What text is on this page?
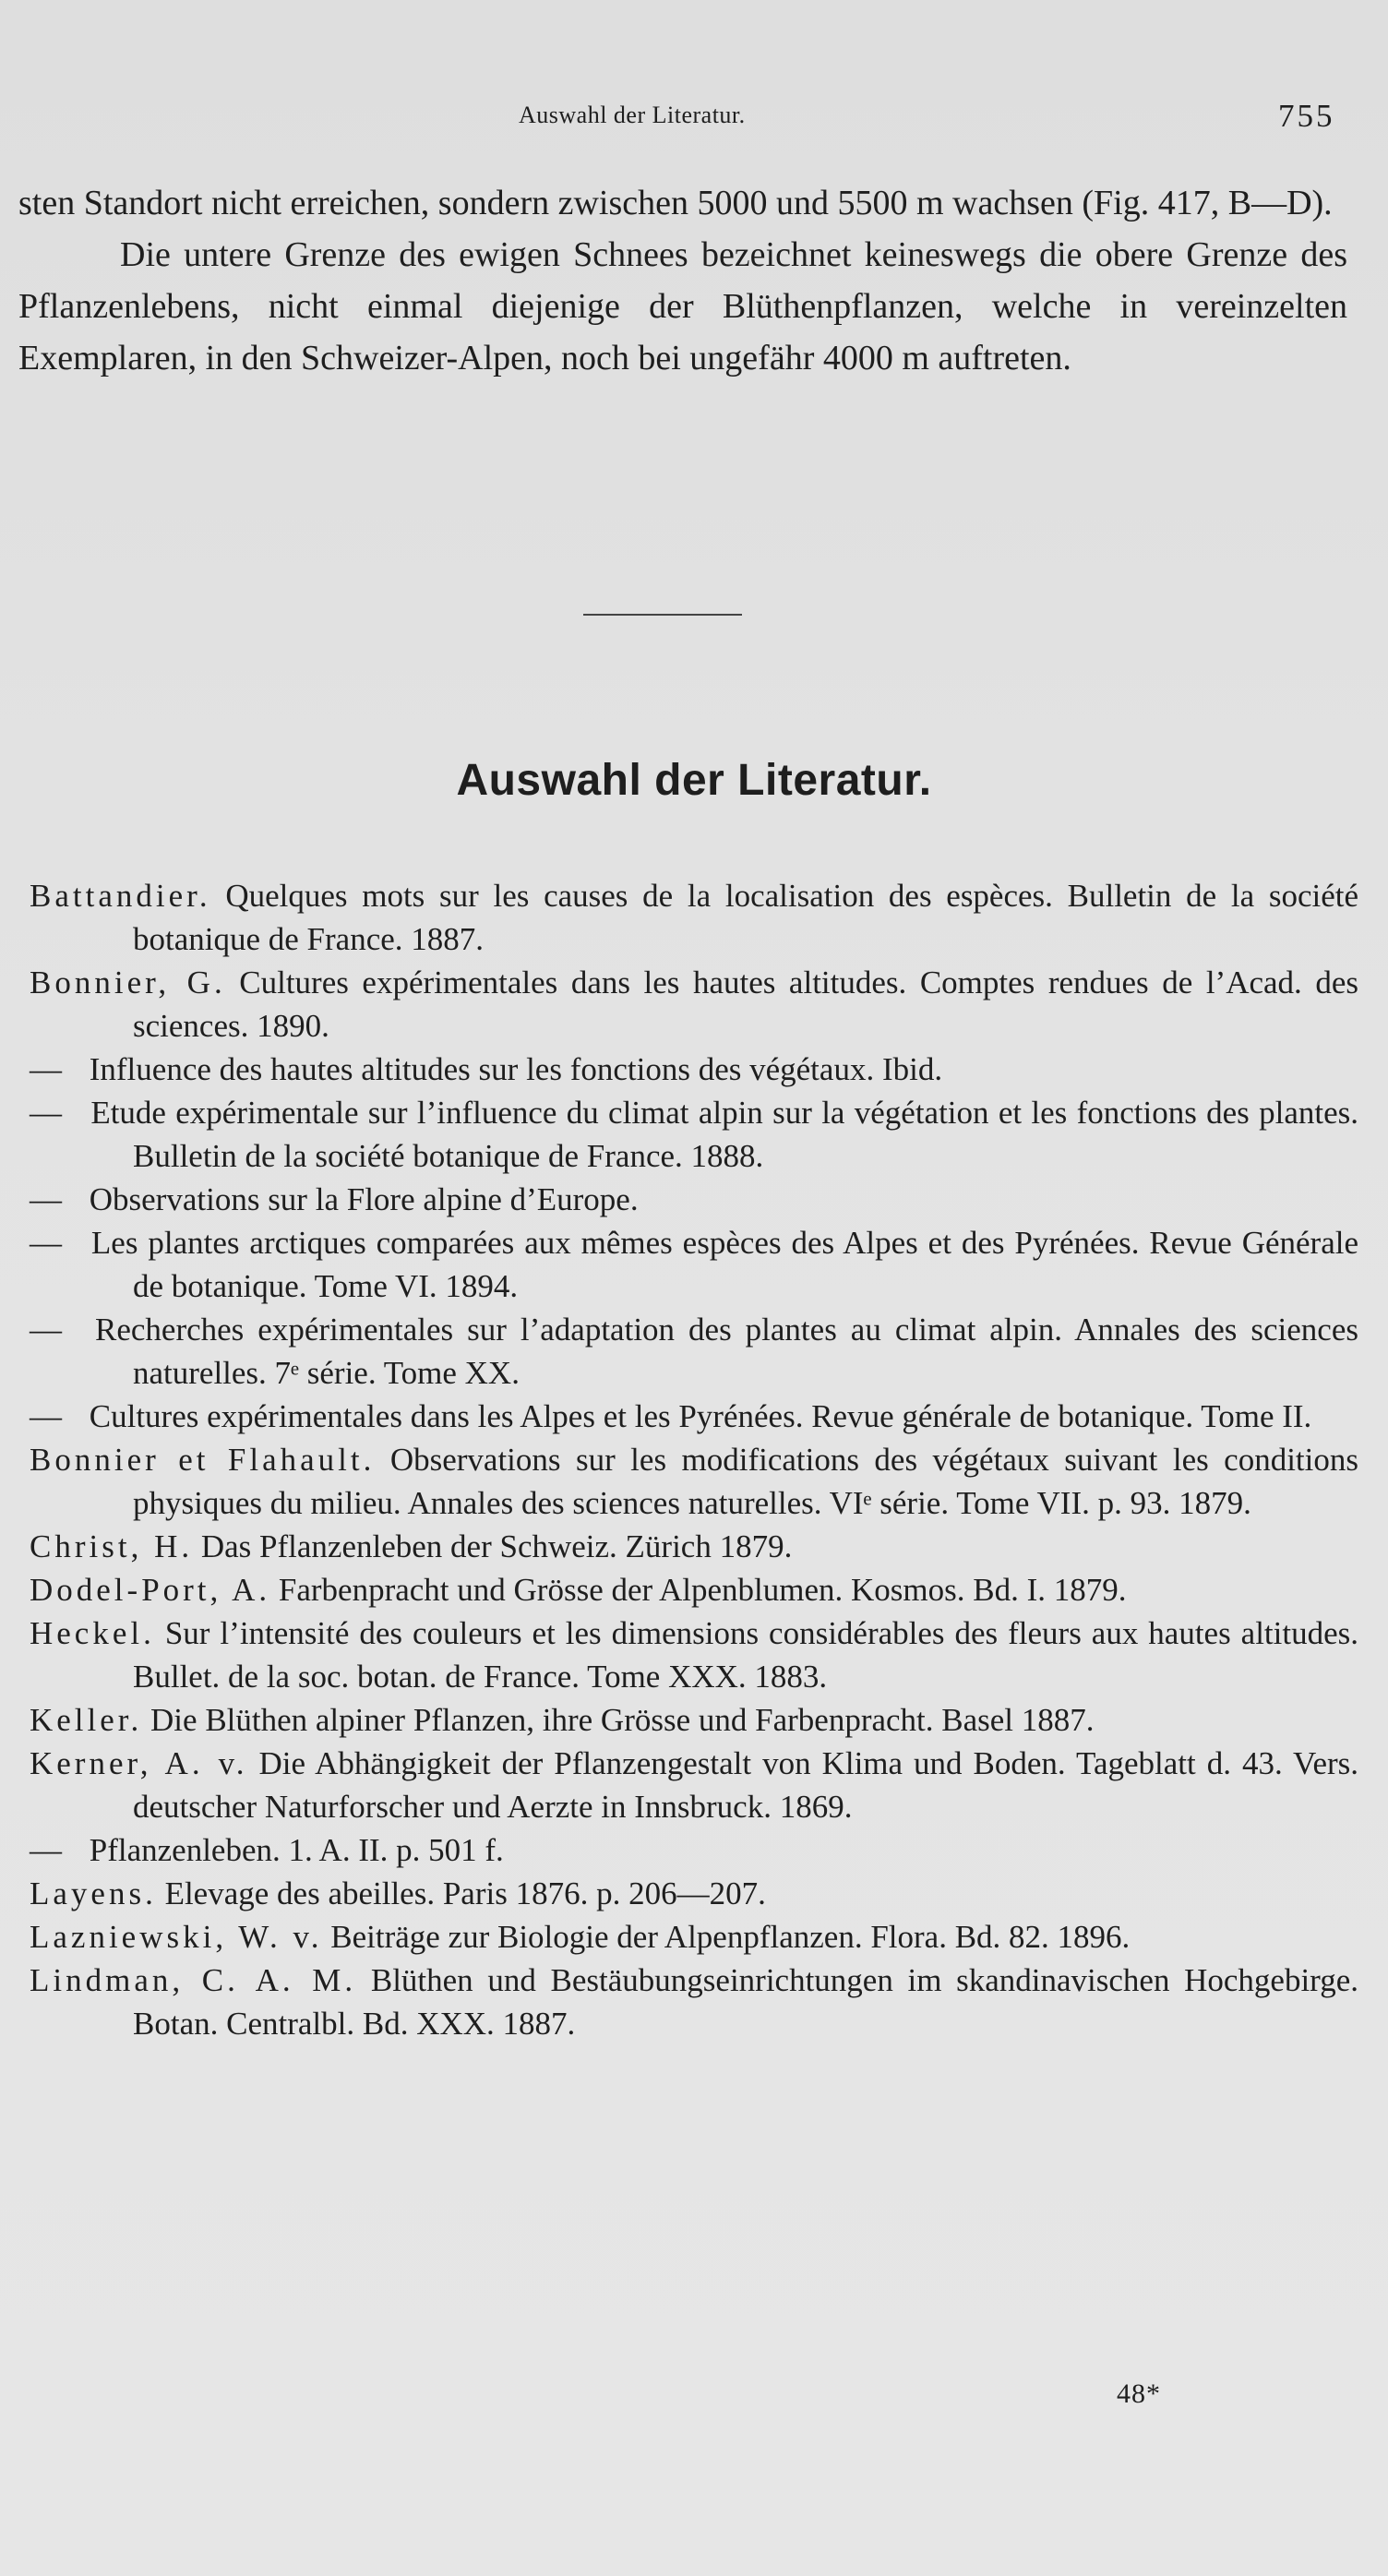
Auswahl der Literatur.	755

sten Standort nicht erreichen, sondern zwischen 5000 und 5500 m wachsen (Fig. 417, B—D).

Die untere Grenze des ewigen Schnees bezeichnet keineswegs die obere Grenze des Pflanzenlebens, nicht einmal diejenige der Blüthenpflanzen, welche in vereinzelten Exemplaren, in den Schweizer-Alpen, noch bei ungefähr 4000 m auftreten.

Auswahl der Literatur.

Battandier. Quelques mots sur les causes de la localisation des espèces. Bulletin de la société botanique de France. 1887.

Bonnier, G. Cultures expérimentales dans les hautes altitudes. Comptes rendues de l’Acad. des sciences. 1890.

— Influence des hautes altitudes sur les fonctions des végétaux. Ibid.

— Etude expérimentale sur l’influence du climat alpin sur la végétation et les fonctions des plantes. Bulletin de la société botanique de France. 1888.

— Observations sur la Flore alpine d’Europe.

— Les plantes arctiques comparées aux mêmes espèces des Alpes et des Pyrénées. Revue Générale de botanique. Tome VI. 1894.

— Recherches expérimentales sur l’adaptation des plantes au climat alpin. Annales des sciences naturelles. 7ᵉ série. Tome XX.

— Cultures expérimentales dans les Alpes et les Pyrénées. Revue générale de botanique. Tome II.

Bonnier et Flahault. Observations sur les modifications des végétaux suivant les conditions physiques du milieu. Annales des sciences naturelles. VIᵉ série. Tome VII. p. 93. 1879.

Christ, H. Das Pflanzenleben der Schweiz. Zürich 1879.

Dodel-Port, A. Farbenpracht und Grösse der Alpenblumen. Kosmos. Bd. I. 1879.

Heckel. Sur l’intensité des couleurs et les dimensions considérables des fleurs aux hautes altitudes. Bullet. de la soc. botan. de France. Tome XXX. 1883.

Keller. Die Blüthen alpiner Pflanzen, ihre Grösse und Farbenpracht. Basel 1887.

Kerner, A. v. Die Abhängigkeit der Pflanzengestalt von Klima und Boden. Tageblatt d. 43. Vers. deutscher Naturforscher und Aerzte in Innsbruck. 1869.

— Pflanzenleben. 1. A. II. p. 501 f.

Layens. Elevage des abeilles. Paris 1876. p. 206—207.

Lazniewski, W. v. Beiträge zur Biologie der Alpenpflanzen. Flora. Bd. 82. 1896.

Lindman, C. A. M. Blüthen und Bestäubungseinrichtungen im skandinavischen Hochgebirge. Botan. Centralbl. Bd. XXX. 1887.

48*
